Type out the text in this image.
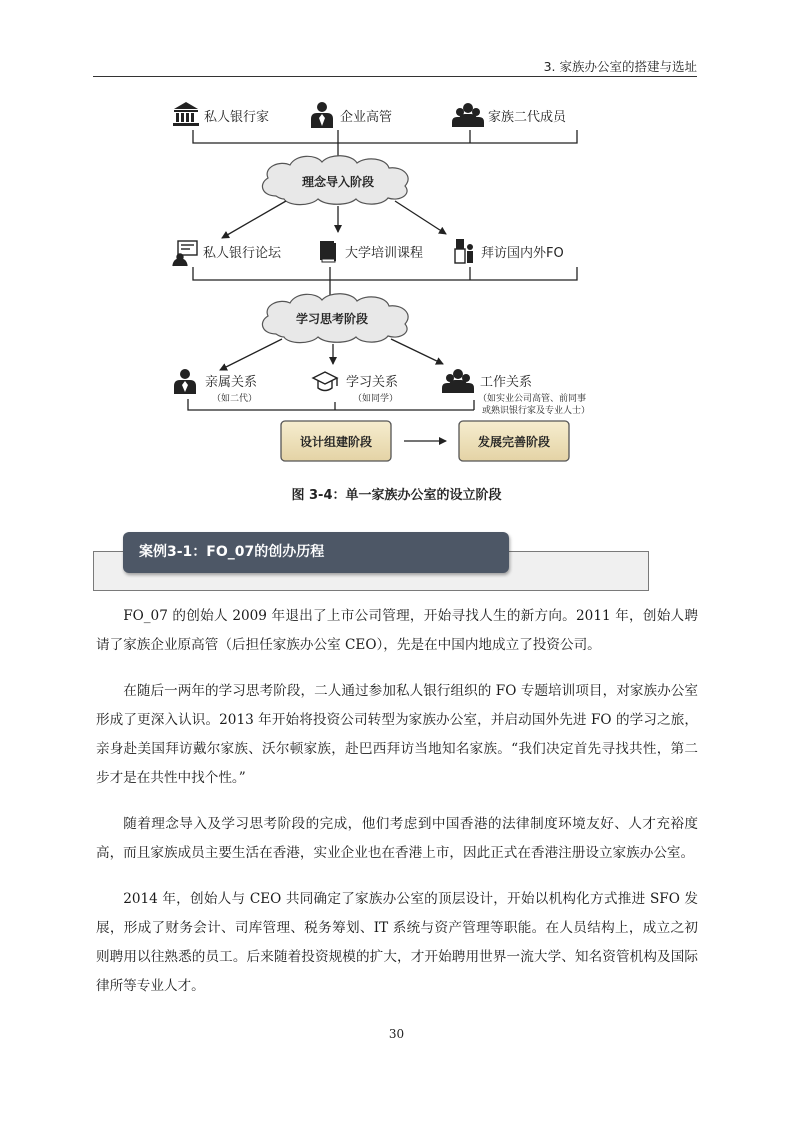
3. 家族办公室的搭建与选址
私人银行家	企业高管	家族二代成员
理念导入阶段
私人银行论坛	大学培训课程	拜访国内外FO
学习思考阶段
亲属关系
（如二代）
学习关系
（如同学）
工作关系
（如实业公司高管、前同事
或熟识银行家及专业人士）
设计组建阶段	发展完善阶段
图 3-4：单一家族办公室的设立阶段
案例3-1：FO_07的创办历程

FO_07 的创始人 2009 年退出了上市公司管理，开始寻找人生的新方向。2011 年，创始人聘请了家族企业原高管（后担任家族办公室 CEO），先是在中国内地成立了投资公司。

在随后一两年的学习思考阶段，二人通过参加私人银行组织的 FO 专题培训项目，对家族办公室形成了更深入认识。2013 年开始将投资公司转型为家族办公室，并启动国外先进 FO 的学习之旅，亲身赴美国拜访戴尔家族、沃尔顿家族，赴巴西拜访当地知名家族。“我们决定首先寻找共性，第二步才是在共性中找个性。”

随着理念导入及学习思考阶段的完成，他们考虑到中国香港的法律制度环境友好、人才充裕度高，而且家族成员主要生活在香港，实业企业也在香港上市，因此正式在香港注册设立家族办公室。

2014 年，创始人与 CEO 共同确定了家族办公室的顶层设计，开始以机构化方式推进 SFO 发展，形成了财务会计、司库管理、税务筹划、IT 系统与资产管理等职能。在人员结构上，成立之初则聘用以往熟悉的员工。后来随着投资规模的扩大，才开始聘用世界一流大学、知名资管机构及国际律所等专业人才。

30
